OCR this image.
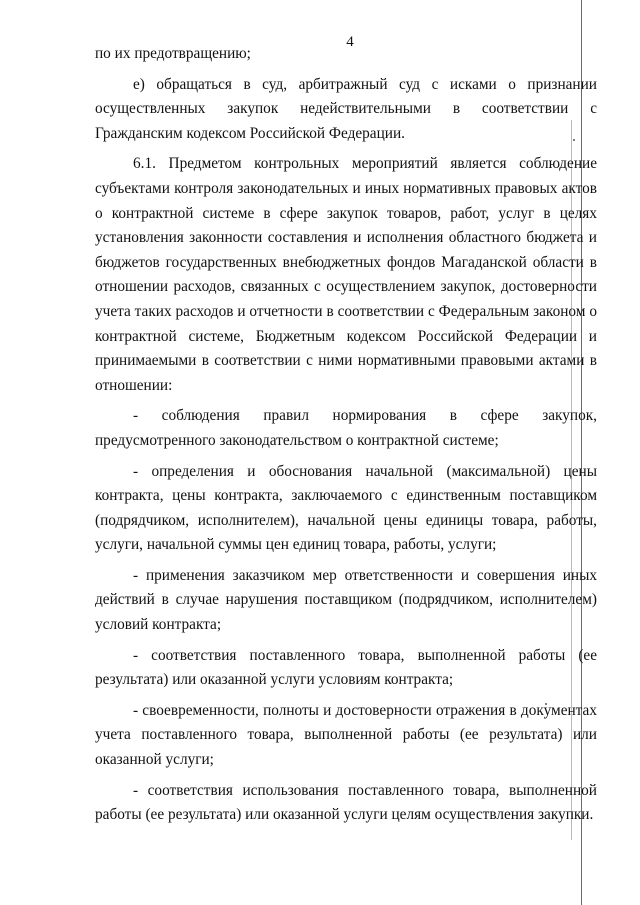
4

по их предотвращению;

е) обращаться в суд, арбитражный суд с исками о признании осуществленных закупок недействительными в соответствии с Гражданским кодексом Российской Федерации.

6.1. Предметом контрольных мероприятий является соблюдение субъектами контроля законодательных и иных нормативных правовых актов о контрактной системе в сфере закупок товаров, работ, услуг в целях установления законности составления и исполнения областного бюджета и бюджетов государственных внебюджетных фондов Магаданской области в отношении расходов, связанных с осуществлением закупок, достоверности учета таких расходов и отчетности в соответствии с Федеральным законом о контрактной системе, Бюджетным кодексом Российской Федерации и принимаемыми в соответствии с ними нормативными правовыми актами в отношении:

- соблюдения правил нормирования в сфере закупок, предусмотренного законодательством о контрактной системе;

- определения и обоснования начальной (максимальной) цены контракта, цены контракта, заключаемого с единственным поставщиком (подрядчиком, исполнителем), начальной цены единицы товара, работы, услуги, начальной суммы цен единиц товара, работы, услуги;

- применения заказчиком мер ответственности и совершения иных действий в случае нарушения поставщиком (подрядчиком, исполнителем) условий контракта;

- соответствия поставленного товара, выполненной работы (ее результата) или оказанной услуги условиям контракта;

- своевременности, полноты и достоверности отражения в документах учета поставленного товара, выполненной работы (ее результата) или оказанной услуги;

- соответствия использования поставленного товара, выполненной работы (ее результата) или оказанной услуги целям осуществления закупки.
